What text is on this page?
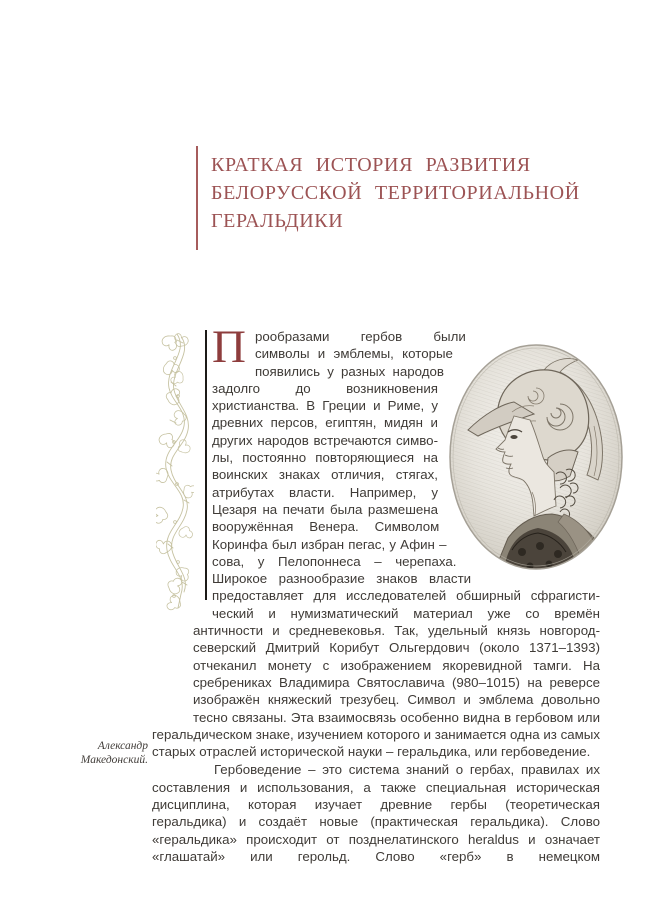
КРАТКАЯ ИСТОРИЯ РАЗВИТИЯ
БЕЛОРУССКОЙ ТЕРРИТОРИАЛЬНОЙ
ГЕРАЛЬДИКИ

Прообразами гербов были символы и эмблемы, которые появились у разных народов задолго до возникновения христианства. В Греции и Риме, у древних персов, египтян, мидян и других народов встречаются символы, постоянно повторяющиеся на воинских знаках отличия, стягах, атрибутах власти. Например, у Цезаря на печати была размешена вооружённая Венера. Символом Коринфа был избран пегас, у Афин – сова, у Пелопоннеса – черепаха. Широкое разнообразие знаков власти предоставляет для исследователей обширный сфрагистический и нумизматический материал уже со времён античности и средневековья. Так, удельный князь новгород-северский Дмитрий Корибут Ольгердович (около 1371–1393) отчеканил монету с изображением якоревидной тамги. На сребрениках Владимира Святославича (980–1015) на реверсе изображён княжеский трезубец. Символ и эмблема довольно тесно связаны. Эта взаимосвязь особенно видна в гербовом или геральдическом знаке, изучением которого и занимается одна из самых старых отраслей исторической науки – геральдика, или гербоведение.

Гербоведение – это система знаний о гербах, правилах их составления и использования, а также специальная историческая дисциплина, которая изучает древние гербы (теоретическая геральдика) и создаёт новые (практическая геральдика). Слово «геральдика» происходит от позднелатинского heraldus и означает «глашатай» или герольд. Слово «герб» в немецком

Александр Македонский.
